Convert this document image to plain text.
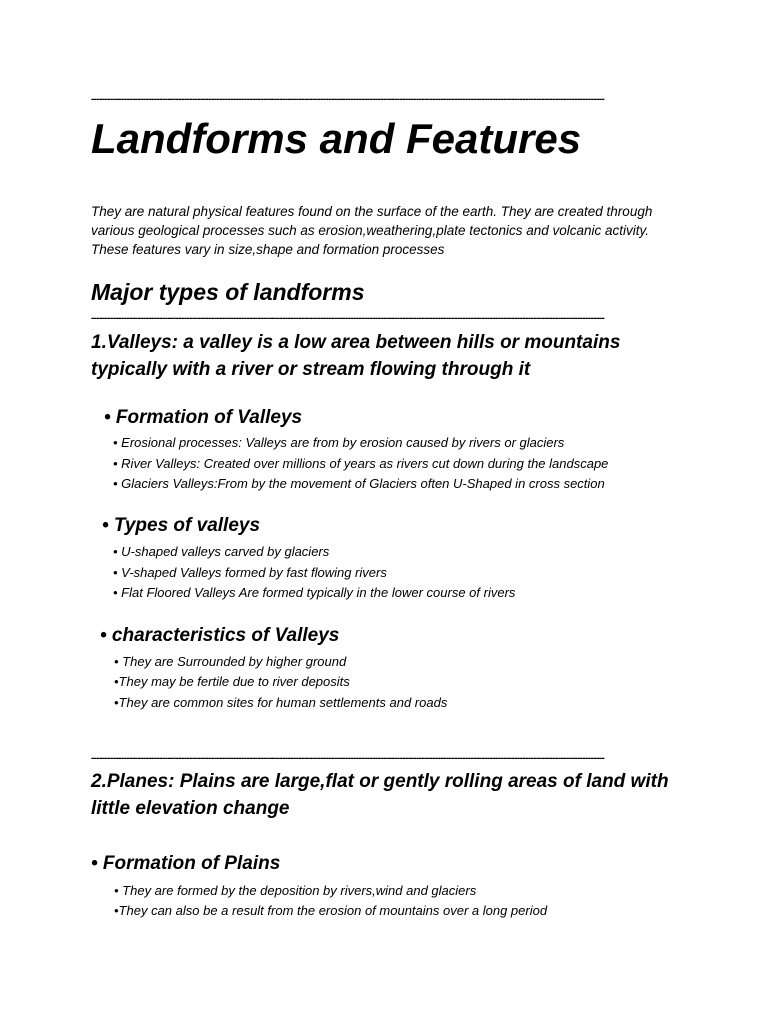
--------------------------------------------------------------------------------------------------------------------------------------------------------------------------------------------
Landforms and Features
They are natural physical features found on the surface of the earth. They are created through various geological processes such as erosion,weathering,plate tectonics and volcanic activity. These features vary in size,shape and formation processes
Major types of landforms
--------------------------------------------------------------------------------------------------------------------------------------------------------------------------------------------
1.Valleys: a valley is a low area between hills or mountains typically with a river or stream flowing through it
• Formation of Valleys
• Erosional processes: Valleys are from by erosion caused by rivers or glaciers
• River Valleys: Created over millions of years as rivers cut down during the landscape
• Glaciers Valleys:From by the movement of Glaciers often U-Shaped in cross section
• Types of valleys
• U-shaped valleys carved by glaciers
• V-shaped Valleys formed by fast flowing rivers
• Flat Floored Valleys Are formed typically in the lower course of rivers
• characteristics of Valleys
• They are Surrounded by higher ground
•They may be fertile due to river deposits
•They are common sites for human settlements and roads
--------------------------------------------------------------------------------------------------------------------------------------------------------------------------------------------
2.Planes: Plains are large,flat or gently rolling areas of land with little elevation change
• Formation of Plains
• They are formed by the deposition by rivers,wind and glaciers
•They can also be a result from the erosion of mountains over a long period
